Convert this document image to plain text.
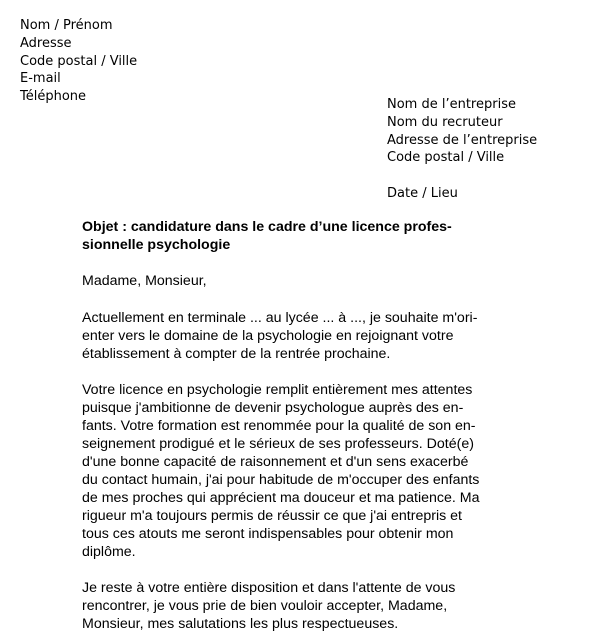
Nom / Prénom
Adresse
Code postal / Ville
E-mail
Téléphone
Nom de l’entreprise
Nom du recruteur
Adresse de l’entreprise
Code postal / Ville
Date / Lieu
Objet : candidature dans le cadre d’une licence profes-
sionnelle psychologie
Madame, Monsieur,
Actuellement en terminale ... au lycée ... à ..., je souhaite m'ori-
enter vers le domaine de la psychologie en rejoignant votre
établissement à compter de la rentrée prochaine.
Votre licence en psychologie remplit entièrement mes attentes
puisque j'ambitionne de devenir psychologue auprès des en-
fants. Votre formation est renommée pour la qualité de son en-
seignement prodigué et le sérieux de ses professeurs. Doté(e)
d'une bonne capacité de raisonnement et d'un sens exacerbé
du contact humain, j'ai pour habitude de m'occuper des enfants
de mes proches qui apprécient ma douceur et ma patience. Ma
rigueur m'a toujours permis de réussir ce que j'ai entrepris et
tous ces atouts me seront indispensables pour obtenir mon
diplôme.
Je reste à votre entière disposition et dans l'attente de vous
rencontrer, je vous prie de bien vouloir accepter, Madame,
Monsieur, mes salutations les plus respectueuses.
